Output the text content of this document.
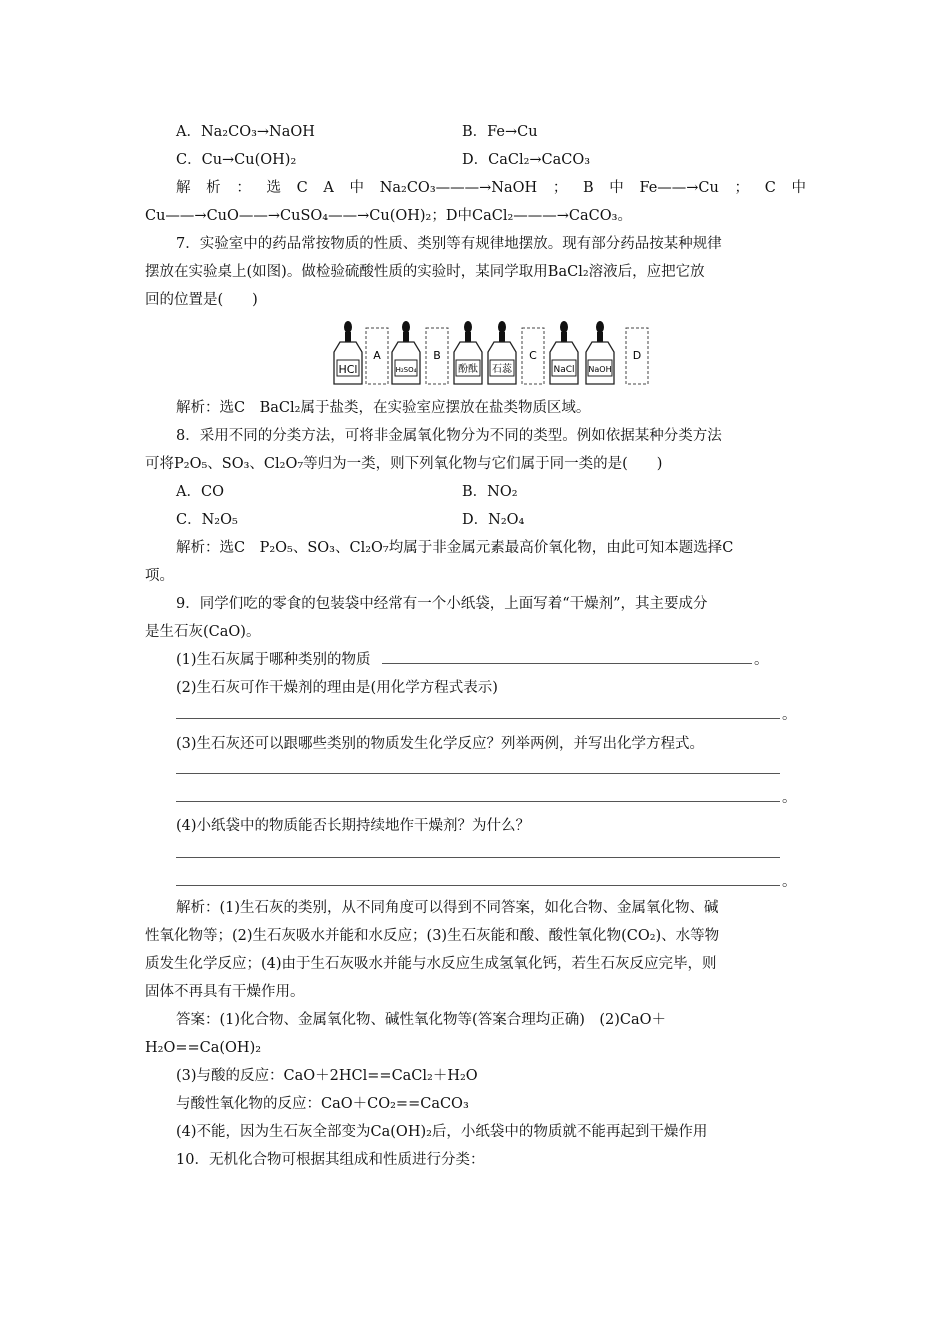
A．Na₂CO₃→NaOH	B．Fe→Cu
C．Cu→Cu(OH)₂	D．CaCl₂→CaCO₃
解 析 ： 选 C A 中 Na₂CO₃———→NaOH ； B 中 Fe——→Cu ； C 中
Cu——→CuO——→CuSO₄——→Cu(OH)₂；D中CaCl₂———→CaCO₃。
7．实验室中的药品常按物质的性质、类别等有规律地摆放。现有部分药品按某种规律
摆放在实验桌上(如图)。做检验硫酸性质的实验时，某同学取用BaCl₂溶液后，应把它放
回的位置是(　　)
HCl
A
H₂SO₄
B
酚酞 石蕊
C
NaCl NaOH
D
解析：选C　BaCl₂属于盐类，在实验室应摆放在盐类物质区域。
8．采用不同的分类方法，可将非金属氧化物分为不同的类型。例如依据某种分类方法
可将P₂O₅、SO₃、Cl₂O₇等归为一类，则下列氧化物与它们属于同一类的是(　　)
A．CO	B．NO₂
C．N₂O₅	D．N₂O₄
解析：选C　P₂O₅、SO₃、Cl₂O₇均属于非金属元素最高价氧化物，由此可知本题选择C
项。
9．同学们吃的零食的包装袋中经常有一个小纸袋，上面写着“干燥剂”，其主要成分
是生石灰(CaO)。
(1)生石灰属于哪种类别的物质	。
(2)生石灰可作干燥剂的理由是(用化学方程式表示)
。
(3)生石灰还可以跟哪些类别的物质发生化学反应？列举两例，并写出化学方程式。
。
(4)小纸袋中的物质能否长期持续地作干燥剂？为什么？
。
解析：(1)生石灰的类别，从不同角度可以得到不同答案，如化合物、金属氧化物、碱
性氧化物等；(2)生石灰吸水并能和水反应；(3)生石灰能和酸、酸性氧化物(CO₂)、水等物
质发生化学反应；(4)由于生石灰吸水并能与水反应生成氢氧化钙，若生石灰反应完毕，则
固体不再具有干燥作用。
答案：(1)化合物、金属氧化物、碱性氧化物等(答案合理均正确)　(2)CaO＋
H₂O==Ca(OH)₂
(3)与酸的反应：CaO＋2HCl==CaCl₂＋H₂O
与酸性氧化物的反应：CaO＋CO₂==CaCO₃
(4)不能，因为生石灰全部变为Ca(OH)₂后，小纸袋中的物质就不能再起到干燥作用
10．无机化合物可根据其组成和性质进行分类：
